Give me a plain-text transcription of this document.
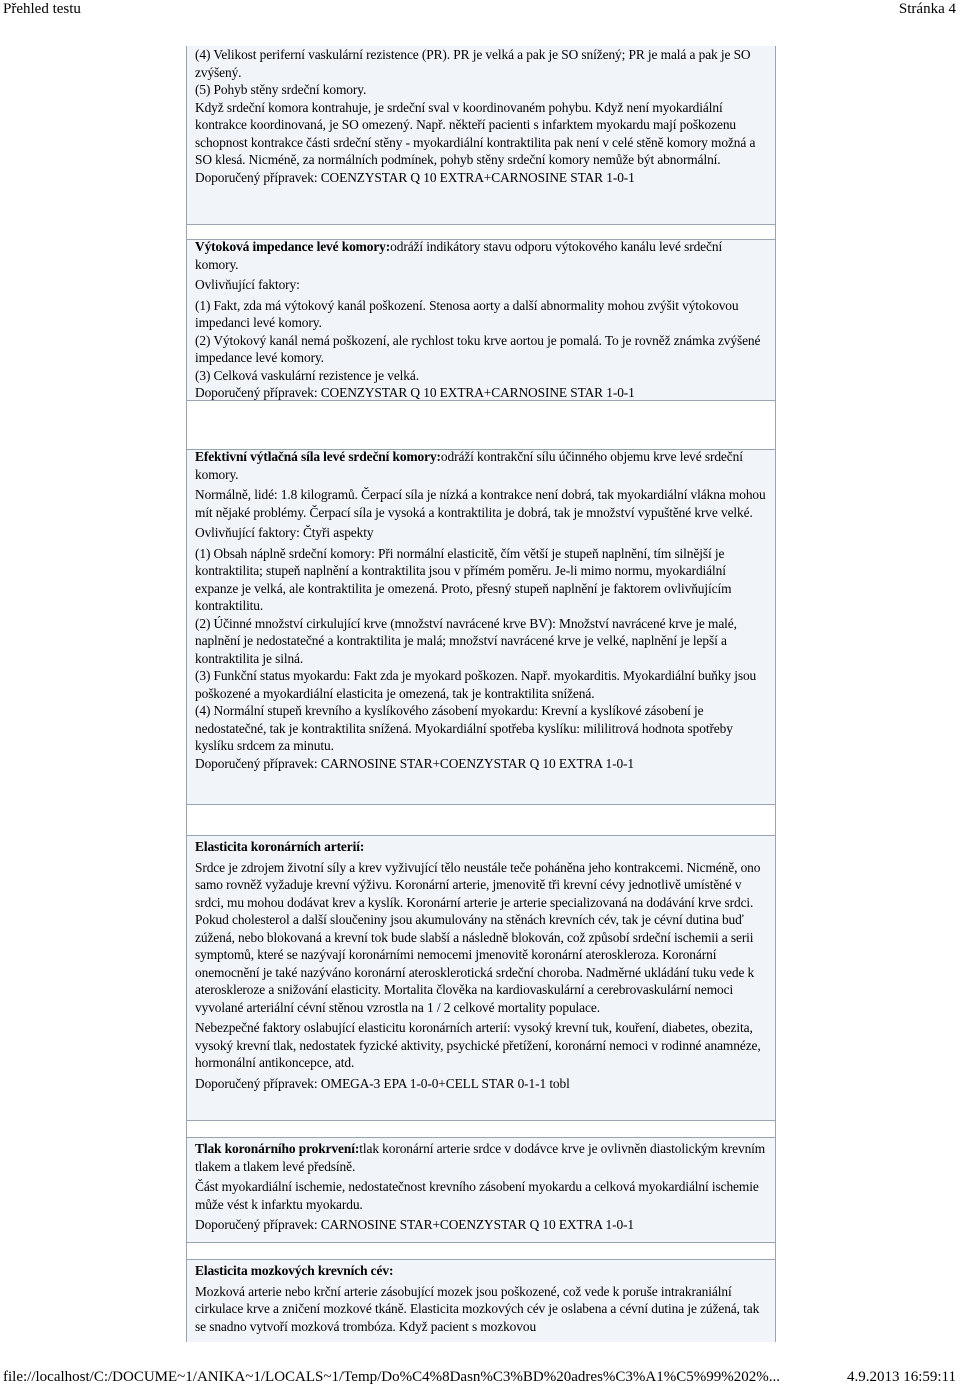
Přehled testu	Stránka 4

(4) Velikost periferní vaskulární rezistence (PR). PR je velká a pak je SO snížený; PR je malá a pak je SO zvýšený.

(5) Pohyb stěny srdeční komory.

Když srdeční komora kontrahuje, je srdeční sval v koordinovaném pohybu. Když není myokardiální kontrakce koordinovaná, je SO omezený. Např. někteří pacienti s infarktem myokardu mají poškozenu schopnost kontrakce části srdeční stěny - myokardiální kontraktilita pak není v celé stěně komory možná a SO klesá. Nicméně, za normálních podmínek, pohyb stěny srdeční komory nemůže být abnormální.

Doporučený přípravek: COENZYSTAR Q 10 EXTRA+CARNOSINE STAR 1-0-1

Výtoková impedance levé komory:odráží indikátory stavu odporu výtokového kanálu levé srdeční komory.

Ovlivňující faktory:

(1) Fakt, zda má výtokový kanál poškození. Stenosa aorty a další abnormality mohou zvýšit výtokovou impedanci levé komory.

(2) Výtokový kanál nemá poškození, ale rychlost toku krve aortou je pomalá. To je rovněž známka zvýšené impedance levé komory.

(3) Celková vaskulární rezistence je velká.

Doporučený přípravek: COENZYSTAR Q 10 EXTRA+CARNOSINE STAR 1-0-1

Efektivní výtlačná síla levé srdeční komory:odráží kontrakční sílu účinného objemu krve levé srdeční komory.

Normálně, lidé: 1.8 kilogramů. Čerpací síla je nízká a kontrakce není dobrá, tak myokardiální vlákna mohou mít nějaké problémy. Čerpací síla je vysoká a kontraktilita je dobrá, tak je množství vypuštěné krve velké.

Ovlivňující faktory: Čtyři aspekty

(1) Obsah náplně srdeční komory: Při normální elasticitě, čím větší je stupeň naplnění, tím silnější je kontraktilita; stupeň naplnění a kontraktilita jsou v přímém poměru. Je-li mimo normu, myokardiální expanze je velká, ale kontraktilita je omezená. Proto, přesný stupeň naplnění je faktorem ovlivňujícím kontraktilitu.

(2) Účinné množství cirkulující krve (množství navrácené krve BV): Množství navrácené krve je malé, naplnění je nedostatečné a kontraktilita je malá; množství navrácené krve je velké, naplnění je lepší a kontraktilita je silná.

(3) Funkční status myokardu: Fakt zda je myokard poškozen. Např. myokarditis. Myokardiální buňky jsou poškozené a myokardiální elasticita je omezená, tak je kontraktilita snížená.

(4) Normální stupeň krevního a kyslíkového zásobení myokardu: Krevní a kyslíkové zásobení je nedostatečné, tak je kontraktilita snížená. Myokardiální spotřeba kyslíku: mililitrová hodnota spotřeby kyslíku srdcem za minutu.

Doporučený přípravek: CARNOSINE STAR+COENZYSTAR Q 10 EXTRA 1-0-1

Elasticita koronárních arterií:

Srdce je zdrojem životní síly a krev vyživující tělo neustále teče poháněna jeho kontrakcemi. Nicméně, ono samo rovněž vyžaduje krevní výživu. Koronární arterie, jmenovitě tři krevní cévy jednotlivě umístěné v srdci, mu mohou dodávat krev a kyslík. Koronární arterie je arterie specializovaná na dodávání krve srdci. Pokud cholesterol a další sloučeniny jsou akumulovány na stěnách krevních cév, tak je cévní dutina buď zúžená, nebo blokovaná a krevní tok bude slabší a následně blokován, což způsobí srdeční ischemii a serii symptomů, které se nazývají koronárními nemocemi jmenovitě koronární ateroskleroza. Koronární onemocnění je také nazýváno koronární aterosklerotická srdeční choroba. Nadměrné ukládání tuku vede k ateroskleroze a snižování elasticity. Mortalita člověka na kardiovaskulární a cerebrovaskulární nemoci vyvolané arteriální cévní stěnou vzrostla na 1 / 2 celkové mortality populace.

Nebezpečné faktory oslabující elasticitu koronárních arterií: vysoký krevní tuk, kouření, diabetes, obezita, vysoký krevní tlak, nedostatek fyzické aktivity, psychické přetížení, koronární nemoci v rodinné anamnéze, hormonální antikoncepce, atd.

Doporučený přípravek: OMEGA-3 EPA 1-0-0+CELL STAR 0-1-1 tobl

Tlak koronárního prokrvení:tlak koronární arterie srdce v dodávce krve je ovlivněn diastolickým krevním tlakem a tlakem levé předsíně.

Část myokardiální ischemie, nedostatečnost krevního zásobení myokardu a celková myokardiální ischemie může vést k infarktu myokardu.

Doporučený přípravek: CARNOSINE STAR+COENZYSTAR Q 10 EXTRA 1-0-1

Elasticita mozkových krevních cév:

Mozková arterie nebo krční arterie zásobující mozek jsou poškozené, což vede k poruše intrakraniální cirkulace krve a zničení mozkové tkáně. Elasticita mozkových cév je oslabena a cévní dutina je zúžená, tak se snadno vytvoří mozková trombóza. Když pacient s mozkovou

file://localhost/C:/DOCUME~1/ANIKA~1/LOCALS~1/Temp/Do%C4%8Dasn%C3%BD%20adres%C3%A1%C5%99%202%...	4.9.2013 16:59:11
